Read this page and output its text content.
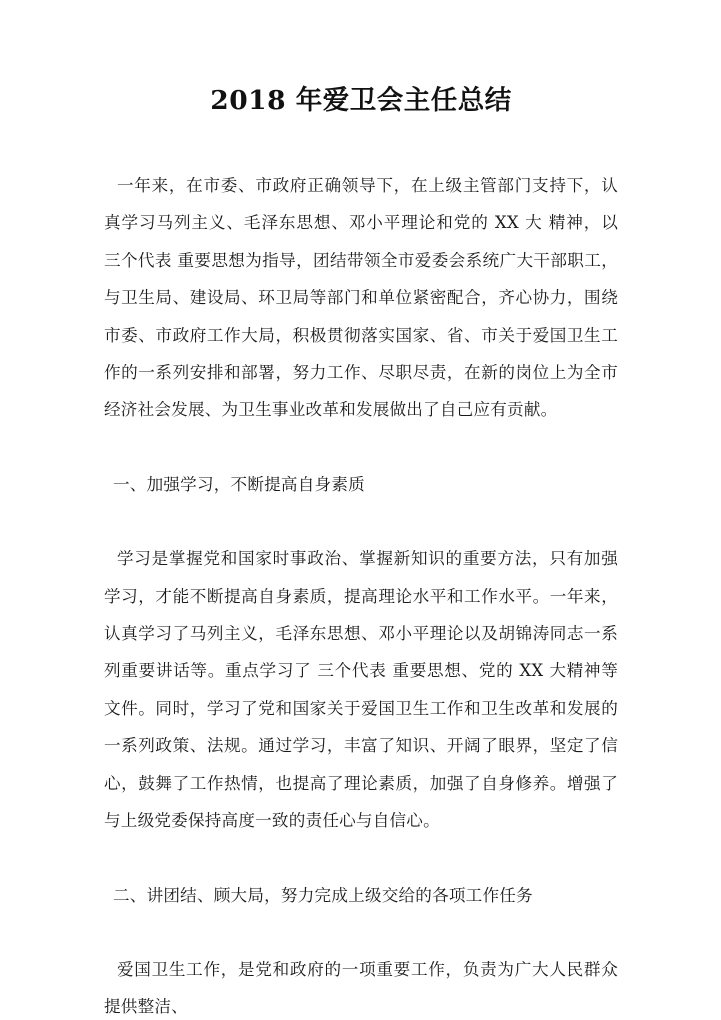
2018 年爱卫会主任总结

一年来，在市委、市政府正确领导下，在上级主管部门支持下，认真学习马列主义、毛泽东思想、邓小平理论和党的 XX 大 精神，以 三个代表 重要思想为指导，团结带领全市爱委会系统广大干部职工，与卫生局、建设局、环卫局等部门和单位紧密配合，齐心协力，围绕市委、市政府工作大局，积极贯彻落实国家、省、市关于爱国卫生工作的一系列安排和部署，努力工作、尽职尽责，在新的岗位上为全市经济社会发展、为卫生事业改革和发展做出了自己应有贡献。

一、加强学习，不断提高自身素质

学习是掌握党和国家时事政治、掌握新知识的重要方法，只有加强学习，才能不断提高自身素质，提高理论水平和工作水平。一年来，认真学习了马列主义，毛泽东思想、邓小平理论以及胡锦涛同志一系列重要讲话等。重点学习了 三个代表 重要思想、党的 XX 大精神等文件。同时，学习了党和国家关于爱国卫生工作和卫生改革和发展的一系列政策、法规。通过学习，丰富了知识、开阔了眼界，坚定了信心，鼓舞了工作热情，也提高了理论素质，加强了自身修养。增强了与上级党委保持高度一致的责任心与自信心。

二、讲团结、顾大局，努力完成上级交给的各项工作任务

爱国卫生工作，是党和政府的一项重要工作，负责为广大人民群众提供整洁、
